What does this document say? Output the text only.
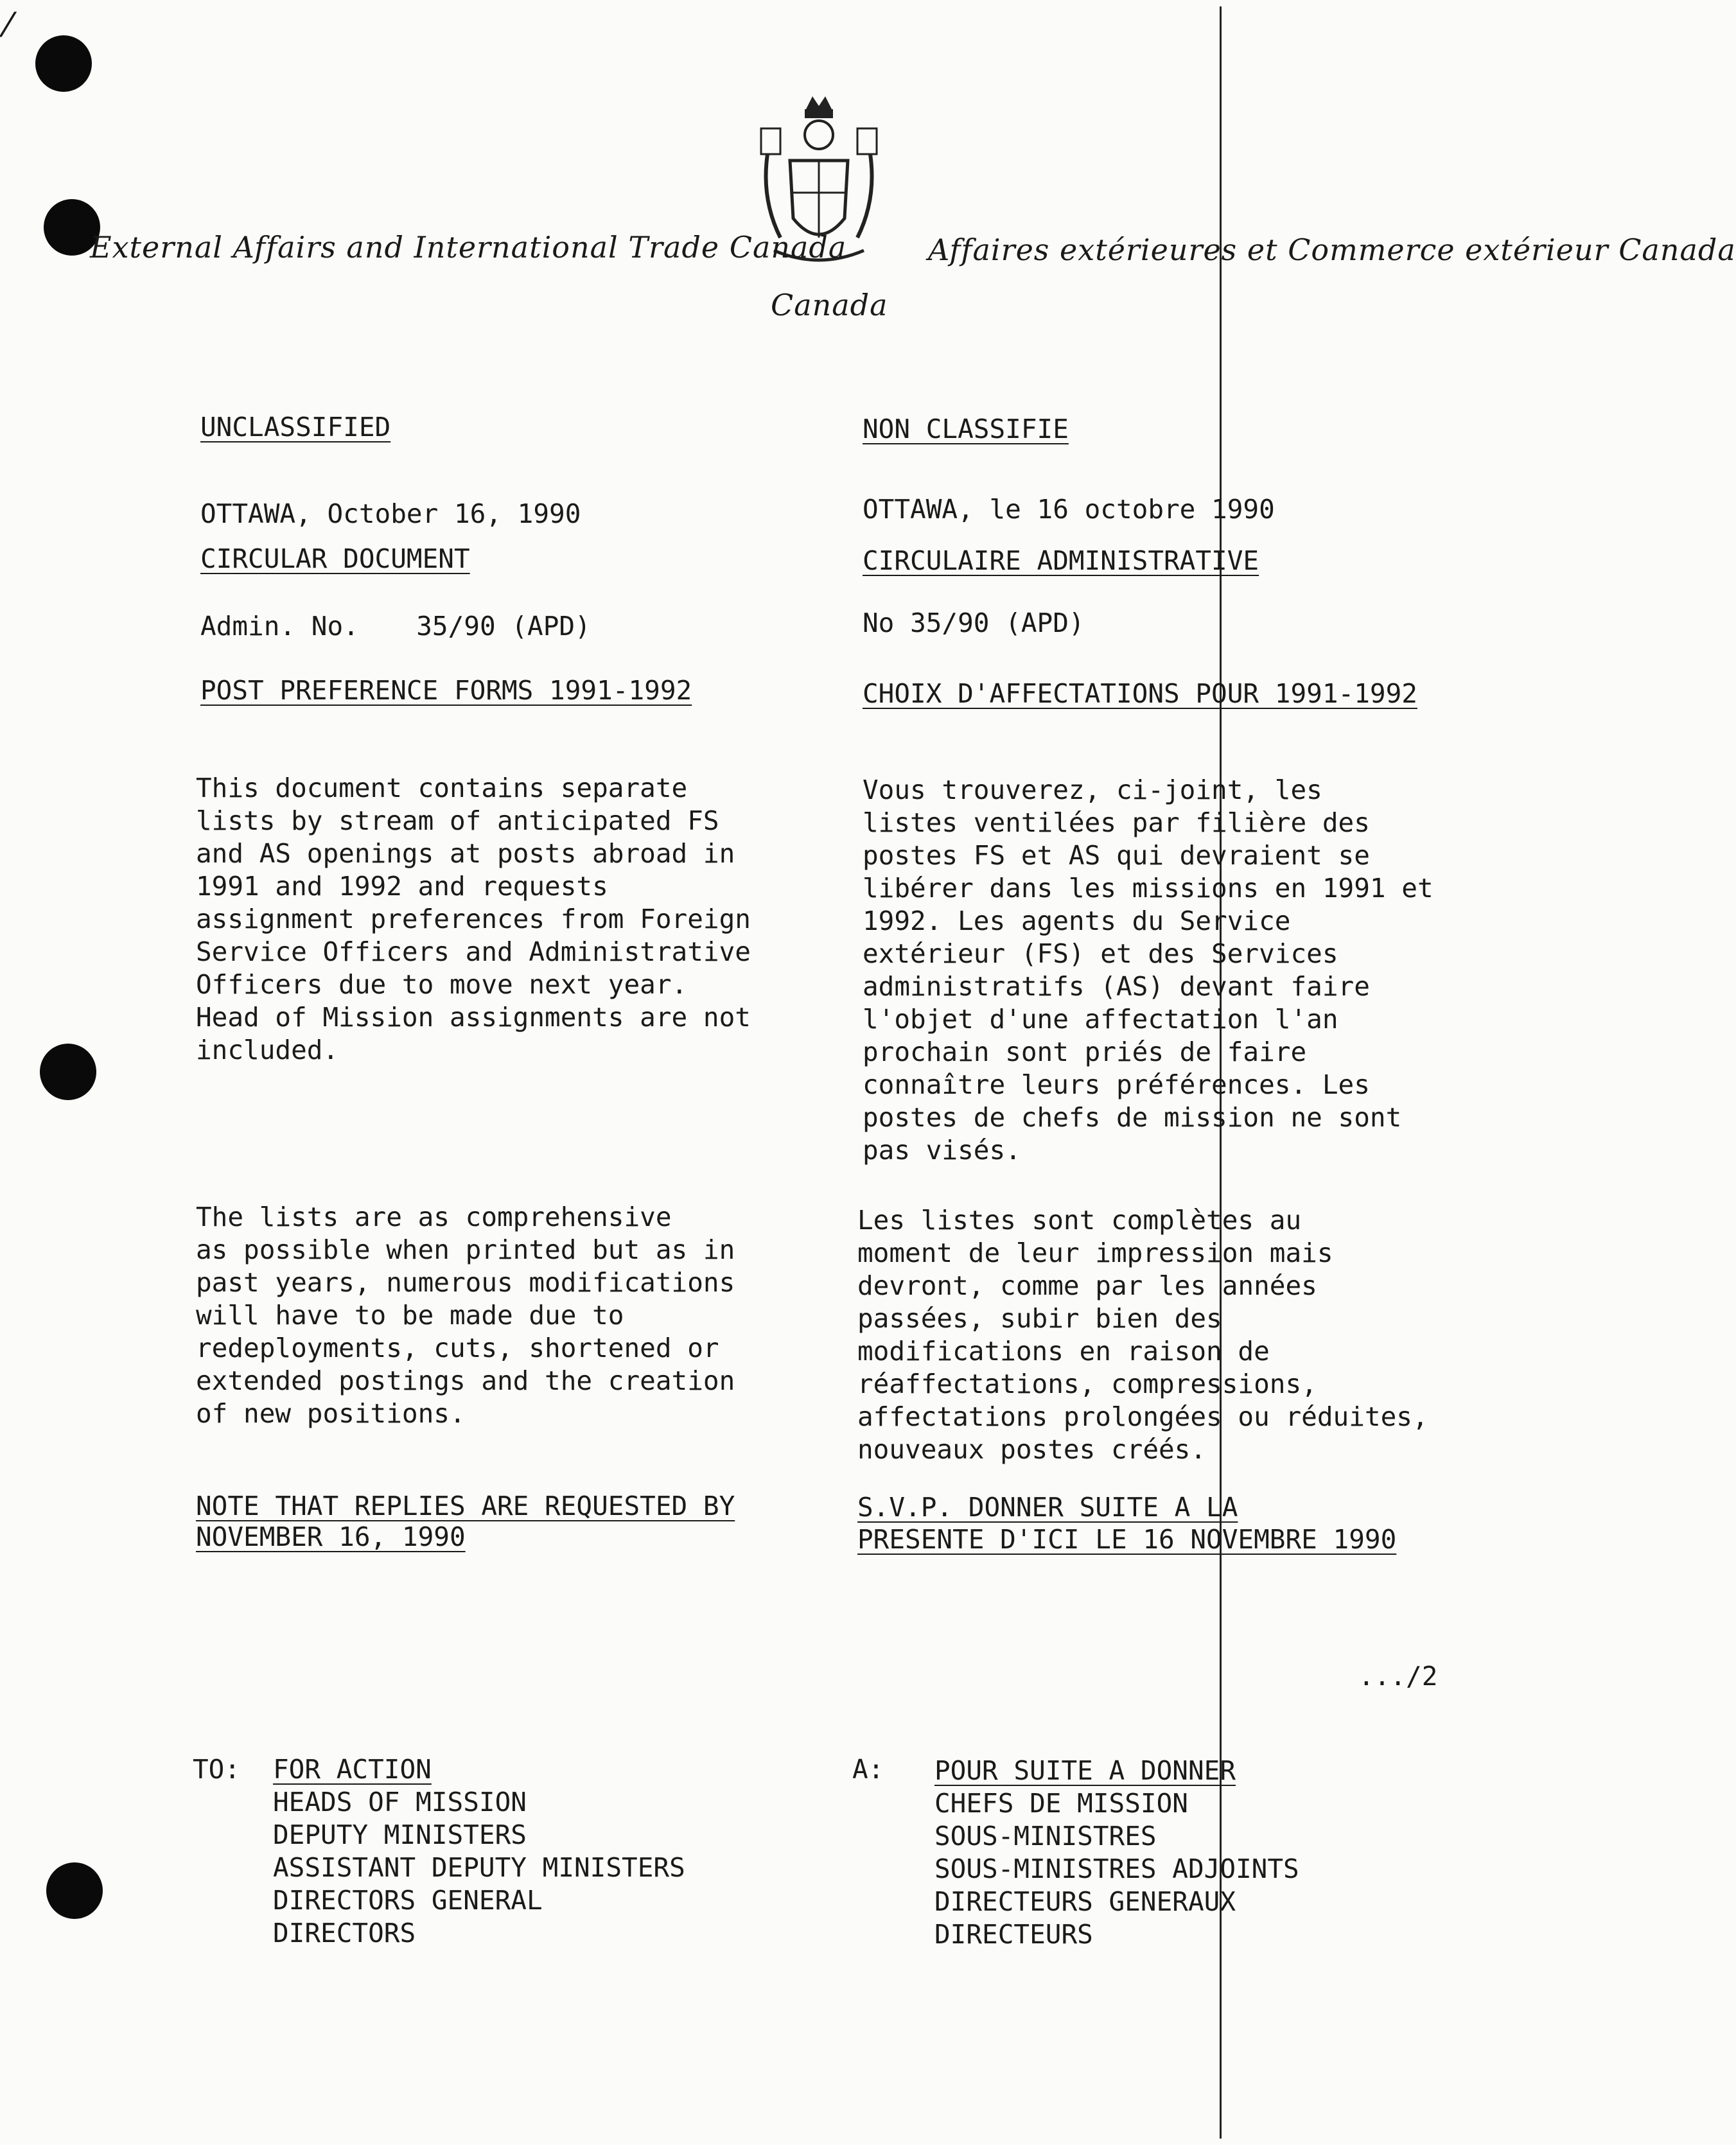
⁄
External Affairs and International Trade Canada	Affaires extérieures et Commerce extérieur Canada
Canada
UNCLASSIFIED
OTTAWA, October 16, 1990
CIRCULAR DOCUMENT
Admin. No. 35/90 (APD)
POST PREFERENCE FORMS 1991-1992
This document contains separate
lists by stream of anticipated FS
and AS openings at posts abroad in
1991 and 1992 and requests
assignment preferences from Foreign
Service Officers and Administrative
Officers due to move next year.
Head of Mission assignments are not
included.
The lists are as comprehensive
as possible when printed but as in
past years, numerous modifications
will have to be made due to
redeployments, cuts, shortened or
extended postings and the creation
of new positions.
NOTE THAT REPLIES ARE REQUESTED BY
NOVEMBER 16, 1990
NON CLASSIFIE
OTTAWA, le 16 octobre 1990
CIRCULAIRE ADMINISTRATIVE
No 35/90 (APD)
CHOIX D'AFFECTATIONS POUR 1991-1992
Vous trouverez, ci-joint, les
listes ventilées par filière des
postes FS et AS qui devraient se
libérer dans les missions en 1991 et
1992. Les agents du Service
extérieur (FS) et des Services
administratifs (AS) devant faire
l'objet d'une affectation l'an
prochain sont priés de faire
connaître leurs préférences. Les
postes de chefs de mission ne sont
pas visés.
Les listes sont complètes au
moment de leur impression mais
devront, comme par les années
passées, subir bien des
modifications en raison de
réaffectations, compressions,
affectations prolongées ou réduites,
nouveaux postes créés.
S.V.P. DONNER SUITE A LA
PRESENTE D'ICI LE 16 NOVEMBRE 1990
.../2
TO: FOR ACTION
HEADS OF MISSION
DEPUTY MINISTERS
ASSISTANT DEPUTY MINISTERS
DIRECTORS GENERAL
DIRECTORS
A: POUR SUITE A DONNER
CHEFS DE MISSION
SOUS-MINISTRES
SOUS-MINISTRES ADJOINTS
DIRECTEURS GENERAUX
DIRECTEURS
